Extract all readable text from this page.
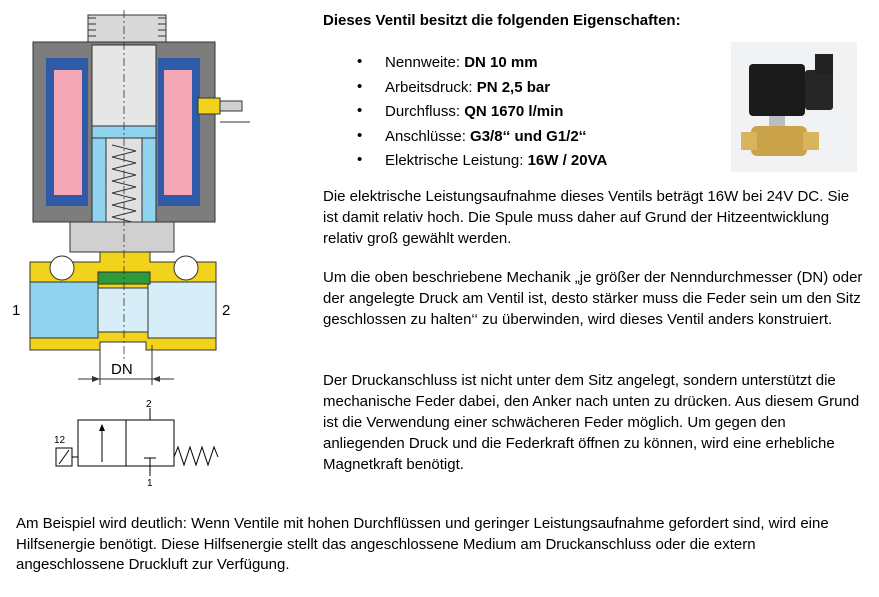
DN
1	2
2
1
12
Dieses Ventil besitzt die folgenden Eigenschaften:
• Nennweite: DN 10 mm
• Arbeitsdruck: PN 2,5 bar
• Durchfluss: QN 1670 l/min
• Anschlüsse: G3/8‘‘ und G1/2‘‘
• Elektrische Leistung: 16W / 20VA

Die elektrische Leistungsaufnahme dieses Ventils beträgt 16W bei 24V DC. Sie ist damit relativ hoch. Die Spule muss daher auf Grund der Hitzeentwicklung relativ groß gewählt werden.

Um die oben beschriebene Mechanik „je größer der Nenndurchmesser (DN) oder der angelegte Druck am Ventil ist, desto stärker muss die Feder sein um den Sitz geschlossen zu halten‘‘ zu überwinden, wird dieses Ventil anders konstruiert.

Der Druckanschluss ist nicht unter dem Sitz angelegt, sondern unterstützt die mechanische Feder dabei, den Anker nach unten zu drücken. Aus diesem Grund ist die Verwendung einer schwächeren Feder möglich. Um gegen den anliegenden Druck und die Federkraft öffnen zu können, wird eine erhebliche Magnetkraft benötigt.

Am Beispiel wird deutlich: Wenn Ventile mit hohen Durchflüssen und geringer Leistungsaufnahme gefordert sind, wird eine Hilfsenergie benötigt. Diese Hilfsenergie stellt das angeschlossene Medium am Druckanschluss oder die extern angeschlossene Druckluft zur Verfügung.
